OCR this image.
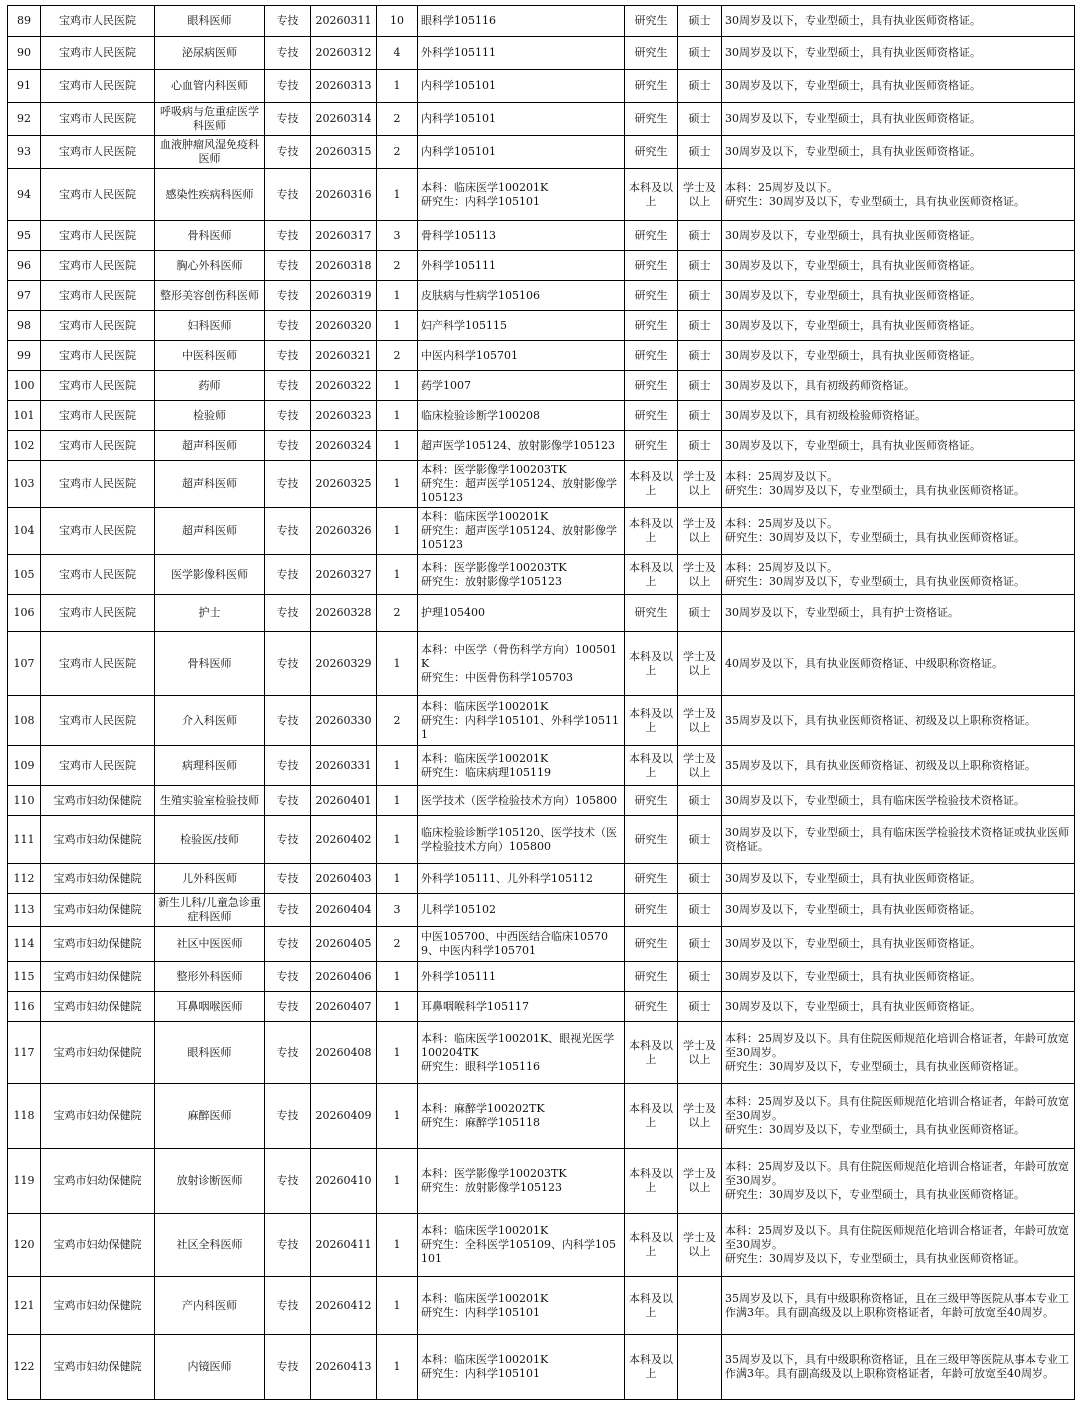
89	宝鸡市人民医院	眼科医师	专技	20260311	10	眼科学105116	研究生	硕士	30周岁及以下，专业型硕士，具有执业医师资格证。
90	宝鸡市人民医院	泌尿病医师	专技	20260312	4	外科学105111	研究生	硕士	30周岁及以下，专业型硕士，具有执业医师资格证。
91	宝鸡市人民医院	心血管内科医师	专技	20260313	1	内科学105101	研究生	硕士	30周岁及以下，专业型硕士，具有执业医师资格证。
92	宝鸡市人民医院	呼吸病与危重症医学科医师	专技	20260314	2	内科学105101	研究生	硕士	30周岁及以下，专业型硕士，具有执业医师资格证。
93	宝鸡市人民医院	血液肿瘤风湿免疫科医师	专技	20260315	2	内科学105101	研究生	硕士	30周岁及以下，专业型硕士，具有执业医师资格证。
94	宝鸡市人民医院	感染性疾病科医师	专技	20260316	1	本科：临床医学100201K
研究生：内科学105101	本科及以上	学士及以上	本科：25周岁及以下。
研究生：30周岁及以下，专业型硕士，具有执业医师资格证。
95	宝鸡市人民医院	骨科医师	专技	20260317	3	骨科学105113	研究生	硕士	30周岁及以下，专业型硕士，具有执业医师资格证。
96	宝鸡市人民医院	胸心外科医师	专技	20260318	2	外科学105111	研究生	硕士	30周岁及以下，专业型硕士，具有执业医师资格证。
97	宝鸡市人民医院	整形美容创伤科医师	专技	20260319	1	皮肤病与性病学105106	研究生	硕士	30周岁及以下，专业型硕士，具有执业医师资格证。
98	宝鸡市人民医院	妇科医师	专技	20260320	1	妇产科学105115	研究生	硕士	30周岁及以下，专业型硕士，具有执业医师资格证。
99	宝鸡市人民医院	中医科医师	专技	20260321	2	中医内科学105701	研究生	硕士	30周岁及以下，专业型硕士，具有执业医师资格证。
100	宝鸡市人民医院	药师	专技	20260322	1	药学1007	研究生	硕士	30周岁及以下，具有初级药师资格证。
101	宝鸡市人民医院	检验师	专技	20260323	1	临床检验诊断学100208	研究生	硕士	30周岁及以下，具有初级检验师资格证。
102	宝鸡市人民医院	超声科医师	专技	20260324	1	超声医学105124、放射影像学105123	研究生	硕士	30周岁及以下，专业型硕士，具有执业医师资格证。
103	宝鸡市人民医院	超声科医师	专技	20260325	1	本科：医学影像学100203TK
研究生：超声医学105124、放射影像学105123	本科及以上	学士及以上	本科：25周岁及以下。
研究生：30周岁及以下，专业型硕士，具有执业医师资格证。
104	宝鸡市人民医院	超声科医师	专技	20260326	1	本科：临床医学100201K
研究生：超声医学105124、放射影像学105123	本科及以上	学士及以上	本科：25周岁及以下。
研究生：30周岁及以下，专业型硕士，具有执业医师资格证。
105	宝鸡市人民医院	医学影像科医师	专技	20260327	1	本科：医学影像学100203TK
研究生：放射影像学105123	本科及以上	学士及以上	本科：25周岁及以下。
研究生：30周岁及以下，专业型硕士，具有执业医师资格证。
106	宝鸡市人民医院	护士	专技	20260328	2	护理105400	研究生	硕士	30周岁及以下，专业型硕士，具有护士资格证。
107	宝鸡市人民医院	骨科医师	专技	20260329	1	本科：中医学（骨伤科学方向）100501K
研究生：中医骨伤科学105703	本科及以上	学士及以上	40周岁及以下，具有执业医师资格证、中级职称资格证。
108	宝鸡市人民医院	介入科医师	专技	20260330	2	本科：临床医学100201K
研究生：内科学105101、外科学105111	本科及以上	学士及以上	35周岁及以下，具有执业医师资格证、初级及以上职称资格证。
109	宝鸡市人民医院	病理科医师	专技	20260331	1	本科：临床医学100201K
研究生：临床病理105119	本科及以上	学士及以上	35周岁及以下，具有执业医师资格证、初级及以上职称资格证。
110	宝鸡市妇幼保健院	生殖实验室检验技师	专技	20260401	1	医学技术（医学检验技术方向）105800	研究生	硕士	30周岁及以下，专业型硕士，具有临床医学检验技术资格证。
111	宝鸡市妇幼保健院	检验医/技师	专技	20260402	1	临床检验诊断学105120、医学技术（医学检验技术方向）105800	研究生	硕士	30周岁及以下，专业型硕士，具有临床医学检验技术资格证或执业医师资格证。
112	宝鸡市妇幼保健院	儿外科医师	专技	20260403	1	外科学105111、儿外科学105112	研究生	硕士	30周岁及以下，专业型硕士，具有执业医师资格证。
113	宝鸡市妇幼保健院	新生儿科/儿童急诊重症科医师	专技	20260404	3	儿科学105102	研究生	硕士	30周岁及以下，专业型硕士，具有执业医师资格证。
114	宝鸡市妇幼保健院	社区中医医师	专技	20260405	2	中医105700、中西医结合临床105709、中医内科学105701	研究生	硕士	30周岁及以下，专业型硕士，具有执业医师资格证。
115	宝鸡市妇幼保健院	整形外科医师	专技	20260406	1	外科学105111	研究生	硕士	30周岁及以下，专业型硕士，具有执业医师资格证。
116	宝鸡市妇幼保健院	耳鼻咽喉医师	专技	20260407	1	耳鼻咽喉科学105117	研究生	硕士	30周岁及以下，专业型硕士，具有执业医师资格证。
117	宝鸡市妇幼保健院	眼科医师	专技	20260408	1	本科：临床医学100201K、眼视光医学100204TK
研究生：眼科学105116	本科及以上	学士及以上	本科：25周岁及以下。具有住院医师规范化培训合格证者，年龄可放宽至30周岁。
研究生：30周岁及以下，专业型硕士，具有执业医师资格证。
118	宝鸡市妇幼保健院	麻醉医师	专技	20260409	1	本科：麻醉学100202TK
研究生：麻醉学105118	本科及以上	学士及以上	本科：25周岁及以下。具有住院医师规范化培训合格证者，年龄可放宽至30周岁。
研究生：30周岁及以下，专业型硕士，具有执业医师资格证。
119	宝鸡市妇幼保健院	放射诊断医师	专技	20260410	1	本科：医学影像学100203TK
研究生：放射影像学105123	本科及以上	学士及以上	本科：25周岁及以下。具有住院医师规范化培训合格证者，年龄可放宽至30周岁。
研究生：30周岁及以下，专业型硕士，具有执业医师资格证。
120	宝鸡市妇幼保健院	社区全科医师	专技	20260411	1	本科：临床医学100201K
研究生：全科医学105109、内科学105101	本科及以上	学士及以上	本科：25周岁及以下。具有住院医师规范化培训合格证者，年龄可放宽至30周岁。
研究生：30周岁及以下，专业型硕士，具有执业医师资格证。
121	宝鸡市妇幼保健院	产内科医师	专技	20260412	1	本科：临床医学100201K
研究生：内科学105101	本科及以上		35周岁及以下，具有中级职称资格证，且在三级甲等医院从事本专业工作满3年。具有副高级及以上职称资格证者，年龄可放宽至40周岁。
122	宝鸡市妇幼保健院	内镜医师	专技	20260413	1	本科：临床医学100201K
研究生：内科学105101	本科及以上		35周岁及以下，具有中级职称资格证，且在三级甲等医院从事本专业工作满3年。具有副高级及以上职称资格证者，年龄可放宽至40周岁。
